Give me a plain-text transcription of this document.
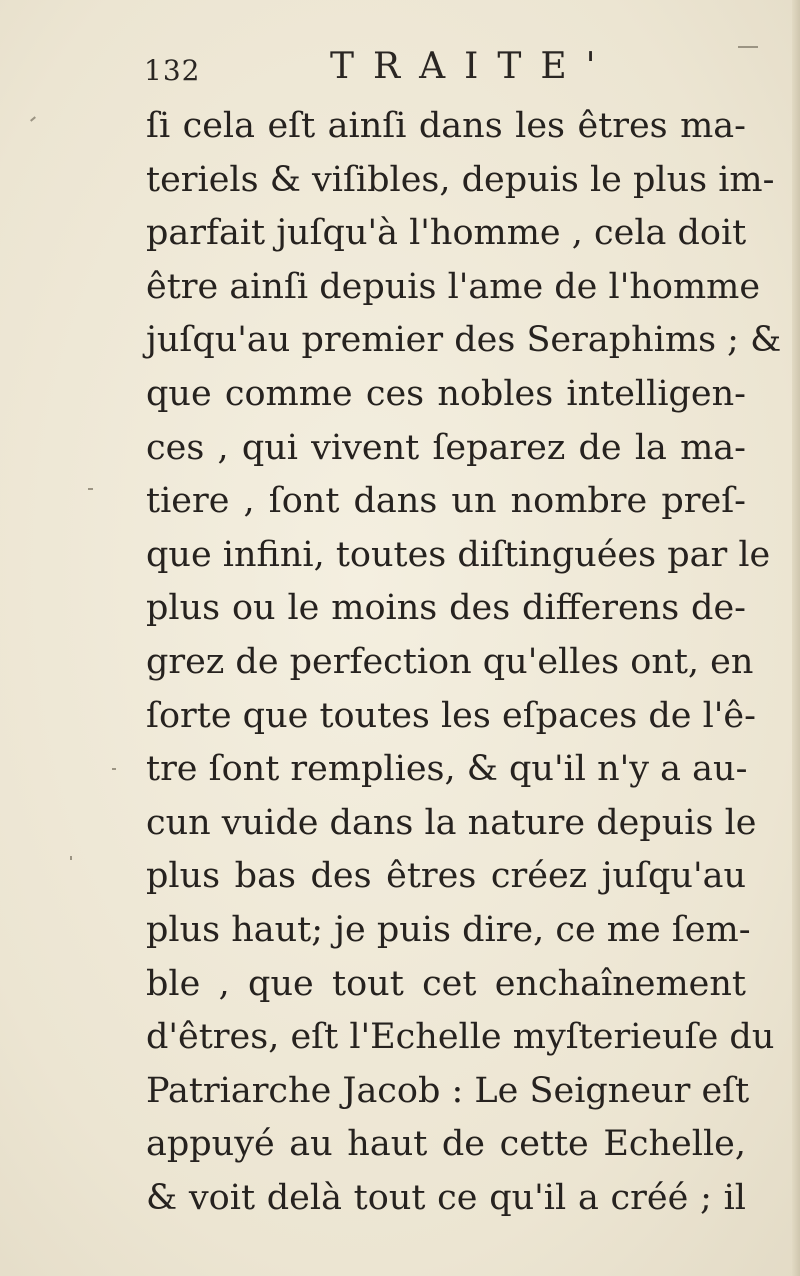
132	TRAITE'
ſi cela eſt ainſi dans les êtres ma-
teriels & viſibles, depuis le plus im-
parfait juſqu'à l'homme , cela doit
être ainſi depuis l'ame de l'homme
juſqu'au premier des Seraphims ; &
que comme ces nobles intelligen-
ces , qui vivent ſeparez de la ma-
tiere , ſont dans un nombre preſ-
que infini, toutes diſtinguées par le
plus ou le moins des differens de-
grez de perfection qu'elles ont, en
ſorte que toutes les eſpaces de l'ê-
tre ſont remplies, & qu'il n'y a au-
cun vuide dans la nature depuis le
plus bas des êtres créez juſqu'au
plus haut; je puis dire, ce me ſem-
ble , que tout cet enchaînement
d'êtres, eſt l'Echelle myſterieuſe du
Patriarche Jacob : Le Seigneur eſt
appuyé au haut de cette Echelle,
& voit delà tout ce qu'il a créé ; il
